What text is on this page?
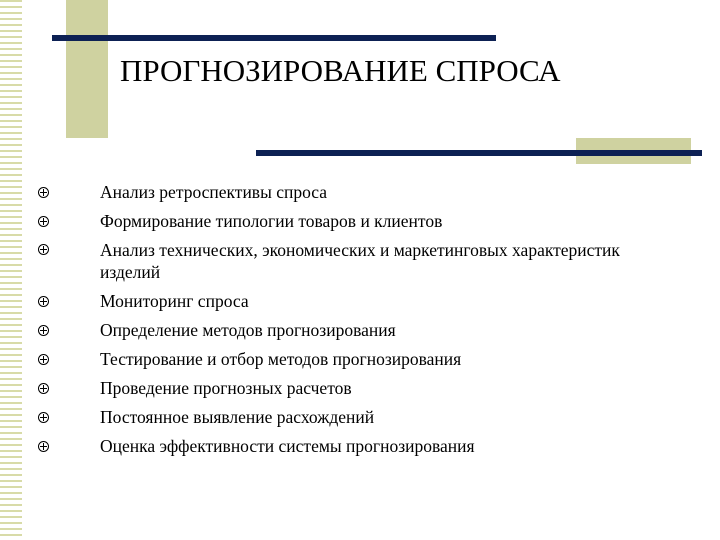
ПРОГНОЗИРОВАНИЕ СПРОСА
Анализ ретроспективы спроса
Формирование типологии товаров и клиентов
Анализ технических, экономических и маркетинговых характеристик изделий
Мониторинг спроса
Определение методов прогнозирования
Тестирование и отбор методов прогнозирования
Проведение прогнозных расчетов
Постоянное выявление расхождений
Оценка эффективности системы прогнозирования
